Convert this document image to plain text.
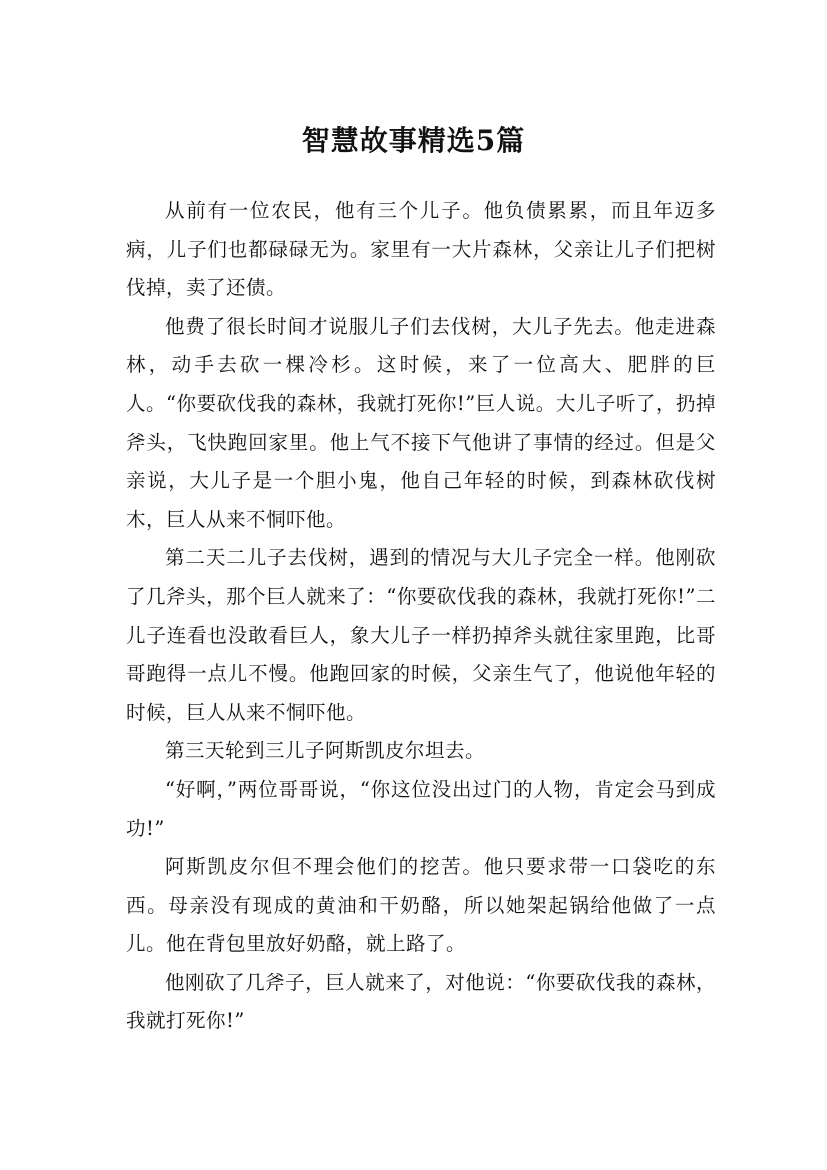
智慧故事精选5篇

从前有一位农民，他有三个儿子。他负债累累，而且年迈多病，儿子们也都碌碌无为。家里有一大片森林，父亲让儿子们把树伐掉，卖了还债。

他费了很长时间才说服儿子们去伐树，大儿子先去。他走进森林，动手去砍一棵冷杉。这时候，来了一位高大、肥胖的巨人。“你要砍伐我的森林，我就打死你!”巨人说。大儿子听了，扔掉斧头，飞快跑回家里。他上气不接下气他讲了事情的经过。但是父亲说，大儿子是一个胆小鬼，他自己年轻的时候，到森林砍伐树木，巨人从来不恫吓他。

第二天二儿子去伐树，遇到的情况与大儿子完全一样。他刚砍了几斧头，那个巨人就来了：“你要砍伐我的森林，我就打死你!”二儿子连看也没敢看巨人，象大儿子一样扔掉斧头就往家里跑，比哥哥跑得一点儿不慢。他跑回家的时候，父亲生气了，他说他年轻的时候，巨人从来不恫吓他。

第三天轮到三儿子阿斯凯皮尔坦去。

“好啊，”两位哥哥说，“你这位没出过门的人物，肯定会马到成功!”

阿斯凯皮尔但不理会他们的挖苦。他只要求带一口袋吃的东西。母亲没有现成的黄油和干奶酪，所以她架起锅给他做了一点儿。他在背包里放好奶酪，就上路了。

他刚砍了几斧子，巨人就来了，对他说：“你要砍伐我的森林，我就打死你!”
